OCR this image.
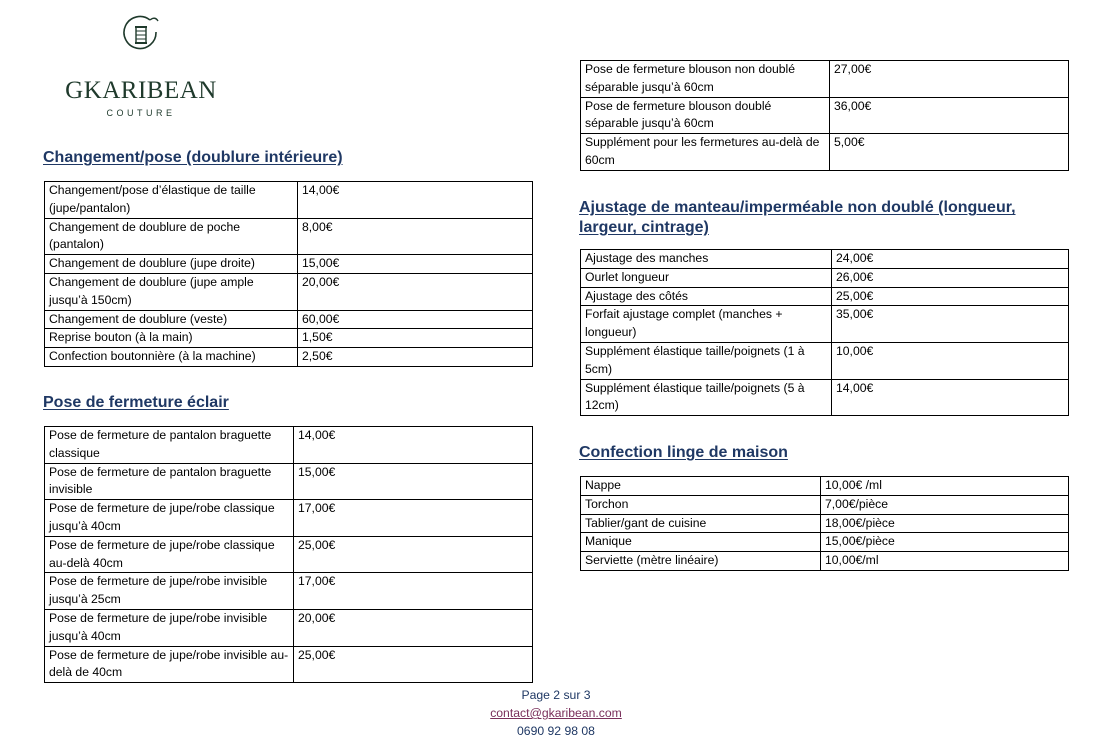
GKARIBEAN
COUTURE
Changement/pose (doublure intérieure)
Changement/pose d’élastique de taille (jupe/pantalon)	14,00€
Changement de doublure de poche (pantalon)	8,00€
Changement de doublure (jupe droite)	15,00€
Changement de doublure (jupe ample jusqu’à 150cm)	20,00€
Changement de doublure (veste)	60,00€
Reprise bouton (à la main)	1,50€
Confection boutonnière (à la machine)	2,50€
Pose de fermeture éclair
Pose de fermeture de pantalon braguette classique	14,00€
Pose de fermeture de pantalon braguette invisible	15,00€
Pose de fermeture de jupe/robe classique jusqu’à 40cm	17,00€
Pose de fermeture de jupe/robe classique au-delà 40cm	25,00€
Pose de fermeture de jupe/robe invisible jusqu’à 25cm	17,00€
Pose de fermeture de jupe/robe invisible jusqu’à 40cm	20,00€
Pose de fermeture de jupe/robe invisible au-delà de 40cm	25,00€
Pose de fermeture blouson non doublé séparable jusqu’à 60cm	27,00€
Pose de fermeture blouson doublé séparable jusqu’à 60cm	36,00€
Supplément pour les fermetures au-delà de 60cm	5,00€
Ajustage de manteau/imperméable non doublé (longueur, largeur, cintrage)
Ajustage des manches	24,00€
Ourlet longueur	26,00€
Ajustage des côtés	25,00€
Forfait ajustage complet (manches + longueur)	35,00€
Supplément élastique taille/poignets (1 à 5cm)	10,00€
Supplément élastique taille/poignets (5 à 12cm)	14,00€
Confection linge de maison
Nappe	10,00€ /ml
Torchon	7,00€/pièce
Tablier/gant de cuisine	18,00€/pièce
Manique	15,00€/pièce
Serviette (mètre linéaire)	10,00€/ml
Page 2 sur 3
contact@gkaribean.com
0690 92 98 08
